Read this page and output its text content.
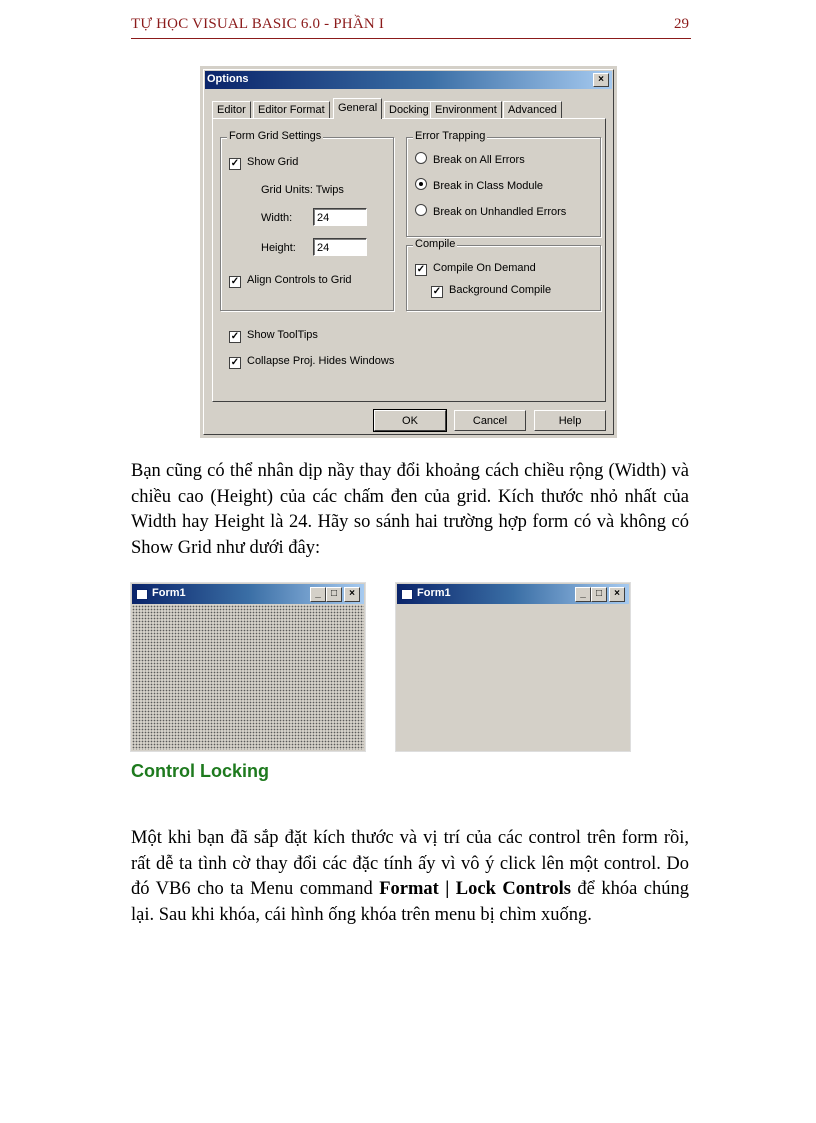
TỰ HỌC VISUAL BASIC 6.0 - PHẦN I	29
Options	×
Editor	Editor Format	General	Docking Environment	Advanced
Form Grid Settings
✓ Show Grid
Grid Units: Twips
Width:	24
Height:	24
✓ Align Controls to Grid
Error Trapping
Break on All Errors
Break in Class Module
Break on Unhandled Errors
Compile
✓ Compile On Demand
✓ Background Compile
✓ Show ToolTips
✓ Collapse Proj. Hides Windows
OK	Cancel	Help
Bạn cũng có thể nhân dịp nầy thay đổi khoảng cách chiều rộng (Width) và chiều cao (Height) của các chấm đen của grid. Kích thước nhỏ nhất của Width hay Height là 24. Hãy so sánh hai trường hợp form có và không có Show Grid như dưới đây:
Form1	_	□	×	Form1	_	□	×
Control Locking
Một khi bạn đã sắp đặt kích thước và vị trí của các control trên form rồi, rất dễ ta tình cờ thay đổi các đặc tính ấy vì vô ý click lên một control. Do đó VB6 cho ta Menu command Format | Lock Controls để khóa chúng lại. Sau khi khóa, cái hình ống khóa trên menu bị chìm xuống.
